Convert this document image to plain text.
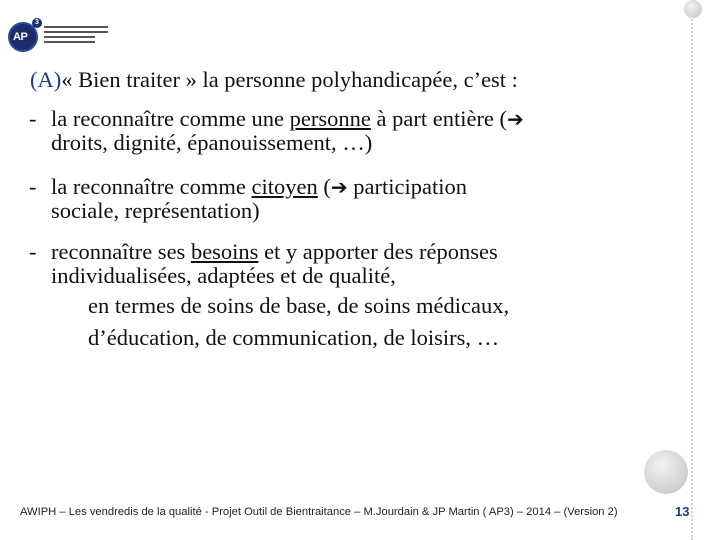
AP
3
(A)« Bien traiter » la personne polyhandicapée, c’est :
- la reconnaître comme une personne à part entière (➔
droits, dignité, épanouissement, …)
- la reconnaître comme citoyen (➔ participation
sociale, représentation)
- reconnaître ses besoins et y apporter des réponses
individualisées, adaptées et de qualité,
en termes de soins de base, de soins médicaux,
d’éducation, de communication, de loisirs, …
AWIPH – Les vendredis de la qualité - Projet Outil de Bientraitance – M.Jourdain & JP Martin ( AP3) – 2014 – (Version 2)	13
